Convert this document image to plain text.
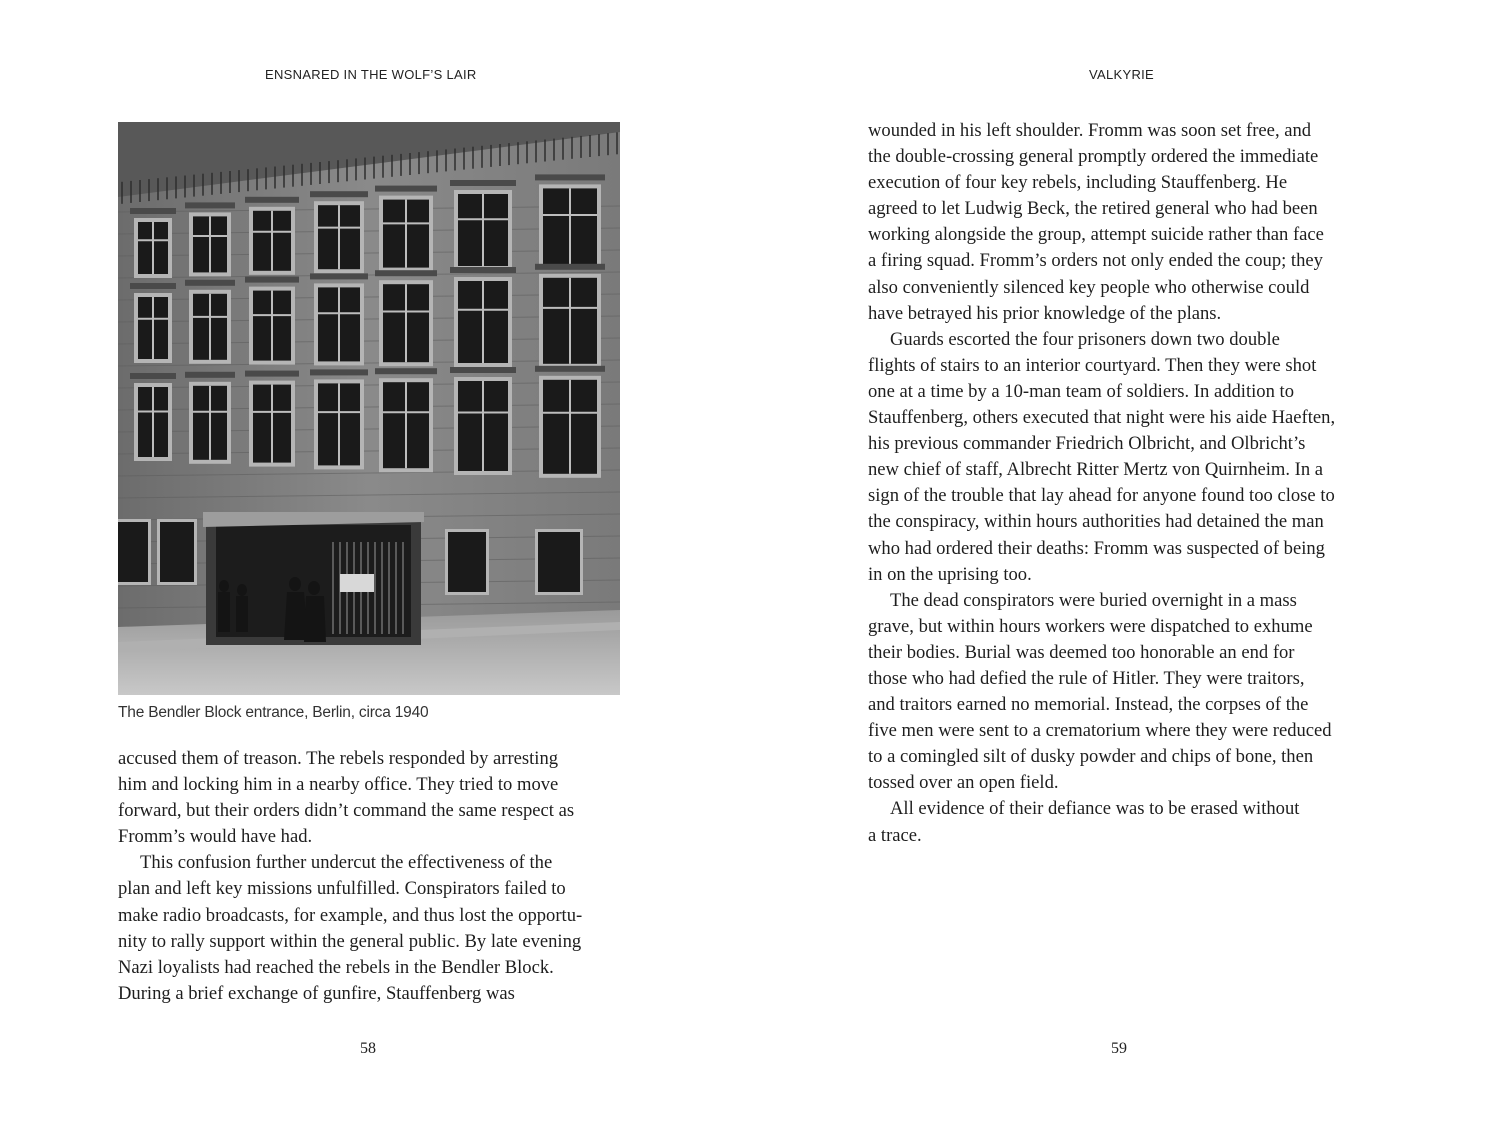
ENSNARED IN THE WOLF’S LAIR
The Bendler Block entrance, Berlin, circa 1940
accused them of treason. The rebels responded by arresting
him and locking him in a nearby office. They tried to move
forward, but their orders didn’t command the same respect as
Fromm’s would have had.
This confusion further undercut the effectiveness of the
plan and left key missions unfulfilled. Conspirators failed to
make radio broadcasts, for example, and thus lost the opportu-
nity to rally support within the general public. By late evening
Nazi loyalists had reached the rebels in the Bendler Block.
During a brief exchange of gunfire, Stauffenberg was
58
VALKYRIE
wounded in his left shoulder. Fromm was soon set free, and
the double-crossing general promptly ordered the immediate
execution of four key rebels, including Stauffenberg. He
agreed to let Ludwig Beck, the retired general who had been
working alongside the group, attempt suicide rather than face
a firing squad. Fromm’s orders not only ended the coup; they
also conveniently silenced key people who otherwise could
have betrayed his prior knowledge of the plans.
Guards escorted the four prisoners down two double
flights of stairs to an interior courtyard. Then they were shot
one at a time by a 10-man team of soldiers. In addition to
Stauffenberg, others executed that night were his aide Haeften,
his previous commander Friedrich Olbricht, and Olbricht’s
new chief of staff, Albrecht Ritter Mertz von Quirnheim. In a
sign of the trouble that lay ahead for anyone found too close to
the conspiracy, within hours authorities had detained the man
who had ordered their deaths: Fromm was suspected of being
in on the uprising too.
The dead conspirators were buried overnight in a mass
grave, but within hours workers were dispatched to exhume
their bodies. Burial was deemed too honorable an end for
those who had defied the rule of Hitler. They were traitors,
and traitors earned no memorial. Instead, the corpses of the
five men were sent to a crematorium where they were reduced
to a comingled silt of dusky powder and chips of bone, then
tossed over an open field.
All evidence of their defiance was to be erased without
a trace.
59
